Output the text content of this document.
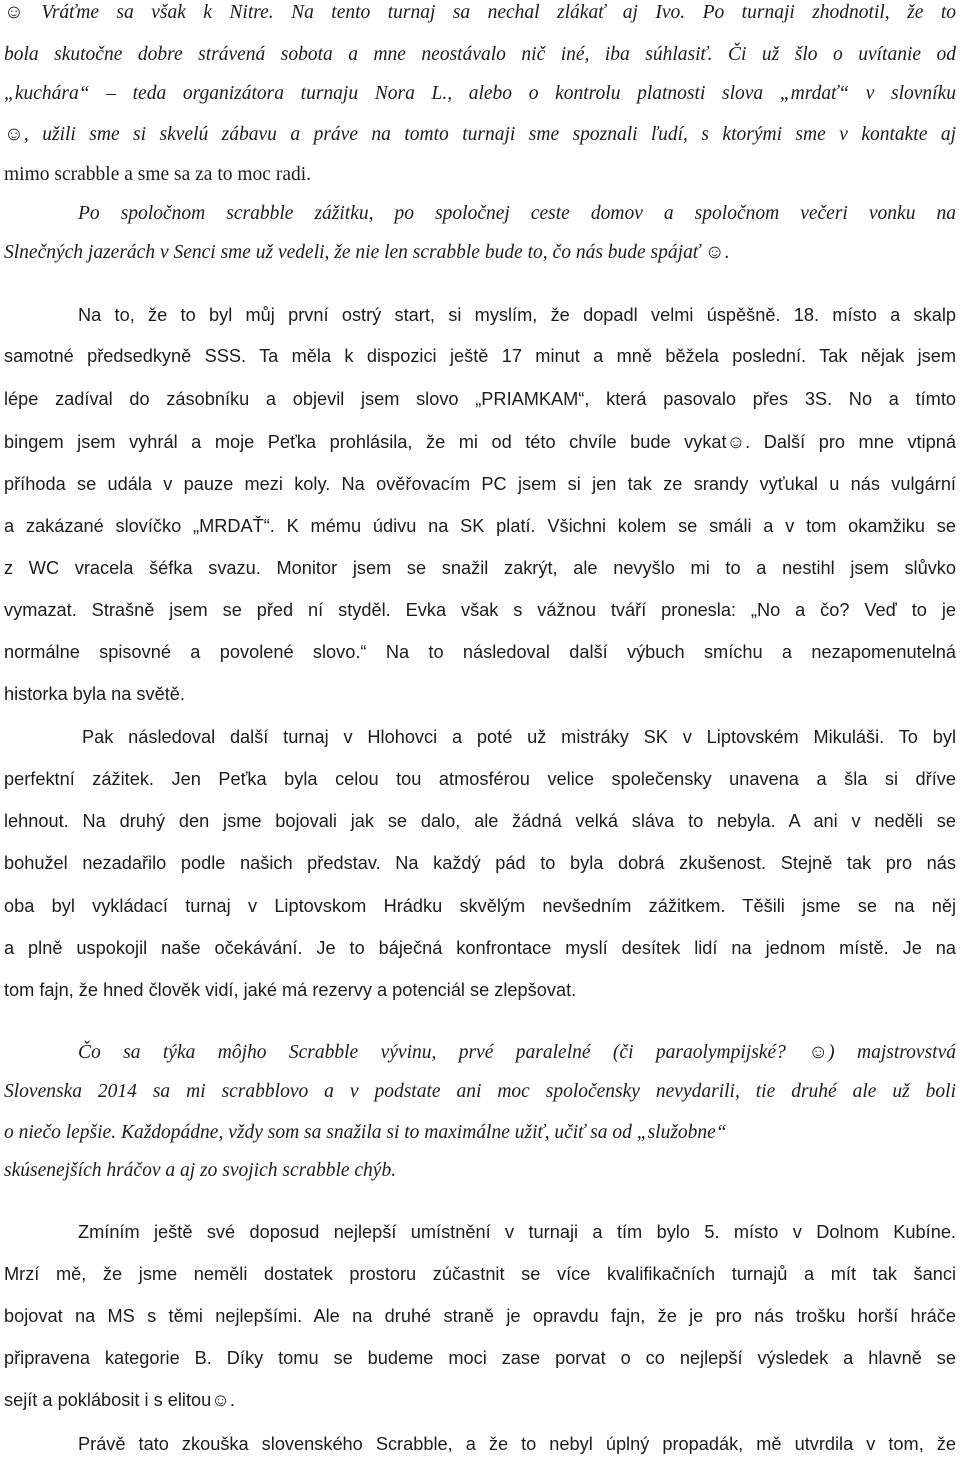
☺ Vráťme sa však k Nitre. Na tento turnaj sa nechal zlákať aj Ivo. Po turnaji zhodnotil, že to

bola skutočne dobre strávená sobota a mne neostávalo nič iné, iba súhlasiť. Či už šlo o uvítanie od

„kuchára“ – teda organizátora turnaju Nora L., alebo o kontrolu platnosti slova „mrdať“ v slovníku

☺, užili sme si skvelú zábavu a práve na tomto turnaji sme spoznali ľudí, s ktorými sme v kontakte aj

mimo scrabble a sme sa za to moc radi.

Po spoločnom scrabble zážitku, po spoločnej ceste domov a spoločnom večeri vonku na

Slnečných jazerách v Senci sme už vedeli, že nie len scrabble bude to, čo nás bude spájať ☺.

Na to, že to byl můj první ostrý start, si myslím, že dopadl velmi úspěšně. 18. místo a skalp

samotné předsedkyně SSS. Ta měla k dispozici ještě 17 minut a mně běžela poslední. Tak nějak jsem

lépe zadíval do zásobníku a objevil jsem slovo „PRIAMKAM“, která pasovalo přes 3S. No a tímto

bingem jsem vyhrál a moje Peťka prohlásila, že mi od této chvíle bude vykat☺. Další pro mne vtipná

příhoda se udála v pauze mezi koly. Na ověřovacím PC jsem si jen tak ze srandy vyťukal u nás vulgární

a zakázané slovíčko „MRDAŤ“. K mému údivu na SK platí. Všichni kolem se smáli a v tom okamžiku se

z WC vracela šéfka svazu. Monitor jsem se snažil zakrýt, ale nevyšlo mi to a nestihl jsem slůvko

vymazat. Strašně jsem se před ní styděl. Evka však s vážnou tváří pronesla: „No a čo? Veď to je

normálne spisovné a povolené slovo.“ Na to následoval další výbuch smíchu a nezapomenutelná

historka byla na světě.

Pak následoval další turnaj v Hlohovci a poté už mistráky SK v Liptovském Mikuláši. To byl

perfektní zážitek. Jen Peťka byla celou tou atmosférou velice společensky unavena a šla si dříve

lehnout. Na druhý den jsme bojovali jak se dalo, ale žádná velká sláva to nebyla. A ani v neděli se

bohužel nezadařilo podle našich představ. Na každý pád to byla dobrá zkušenost. Stejně tak pro nás

oba byl vykládací turnaj v Liptovskom Hrádku skvělým nevšedním zážitkem. Těšili jsme se na něj

a plně uspokojil naše očekávání. Je to báječná konfrontace myslí desítek lidí na jednom místě. Je na

tom fajn, že hned člověk vidí, jaké má rezervy a potenciál se zlepšovat.

Čo sa týka môjho Scrabble vývinu, prvé paralelné (či paraolympijské? ☺) majstrovstvá

Slovenska 2014 sa mi scrabblovo a v podstate ani moc spoločensky nevydarili, tie druhé ale už boli

o niečo lepšie. Každopádne, vždy som sa snažila si to maximálne užiť, učiť sa od „služobne“

skúsenejších hráčov a aj zo svojich scrabble chýb.

Zmíním ještě své doposud nejlepší umístnění v turnaji a tím bylo 5. místo v Dolnom Kubíne.

Mrzí mě, že jsme neměli dostatek prostoru zúčastnit se více kvalifikačních turnajů a mít tak šanci

bojovat na MS s těmi nejlepšími. Ale na druhé straně je opravdu fajn, že je pro nás trošku horší hráče

připravena kategorie B. Díky tomu se budeme moci zase porvat o co nejlepší výsledek a hlavně se

sejít a poklábosit i s elitou☺.

Právě tato zkouška slovenského Scrabble, a že to nebyl úplný propadák, mě utvrdila v tom, že
